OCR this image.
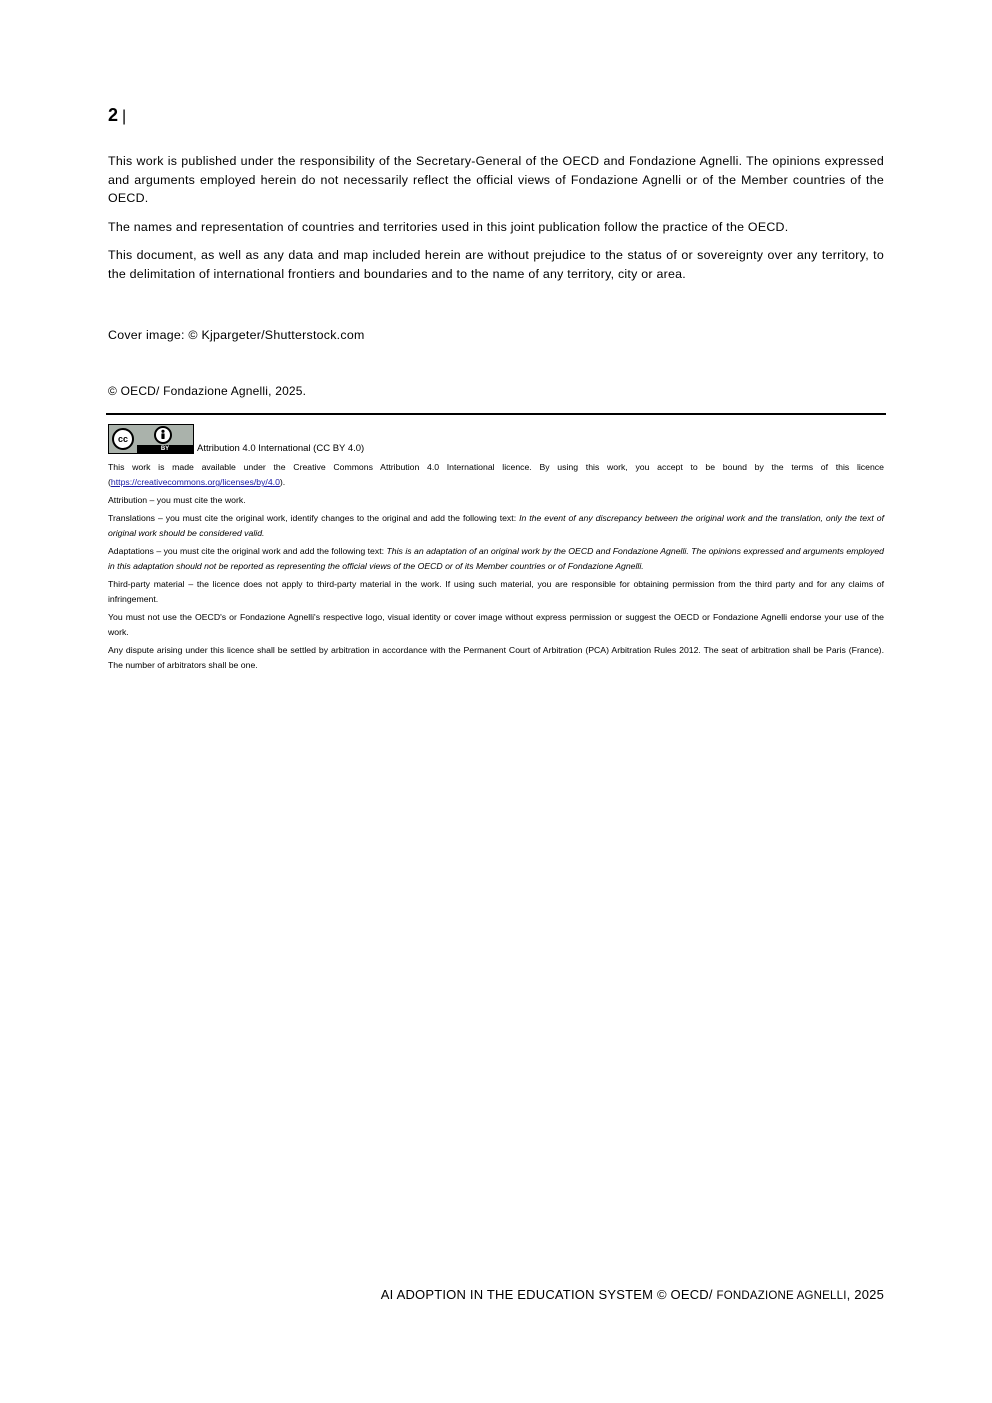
2 |

This work is published under the responsibility of the Secretary-General of the OECD and Fondazione Agnelli. The opinions expressed and arguments employed herein do not necessarily reflect the official views of Fondazione Agnelli or of the Member countries of the OECD.

The names and representation of countries and territories used in this joint publication follow the practice of the OECD.

This document, as well as any data and map included herein are without prejudice to the status of or sovereignty over any territory, to the delimitation of international frontiers and boundaries and to the name of any territory, city or area.

Cover image: © Kjpargeter/Shutterstock.com
© OECD/ Fondazione Agnelli, 2025.
cc
BY	Attribution 4.0 International (CC BY 4.0)

This work is made available under the Creative Commons Attribution 4.0 International licence. By using this work, you accept to be bound by the terms of this licence (https://creativecommons.org/licenses/by/4.0).

Attribution – you must cite the work.

Translations – you must cite the original work, identify changes to the original and add the following text: In the event of any discrepancy between the original work and the translation, only the text of original work should be considered valid.

Adaptations – you must cite the original work and add the following text: This is an adaptation of an original work by the OECD and Fondazione Agnelli. The opinions expressed and arguments employed in this adaptation should not be reported as representing the official views of the OECD or of its Member countries or of Fondazione Agnelli.

Third-party material – the licence does not apply to third-party material in the work. If using such material, you are responsible for obtaining permission from the third party and for any claims of infringement.

You must not use the OECD's or Fondazione Agnelli's respective logo, visual identity or cover image without express permission or suggest the OECD or Fondazione Agnelli endorse your use of the work.

Any dispute arising under this licence shall be settled by arbitration in accordance with the Permanent Court of Arbitration (PCA) Arbitration Rules 2012. The seat of arbitration shall be Paris (France). The number of arbitrators shall be one.

AI ADOPTION IN THE EDUCATION SYSTEM © OECD/ FONDAZIONE AGNELLI, 2025
